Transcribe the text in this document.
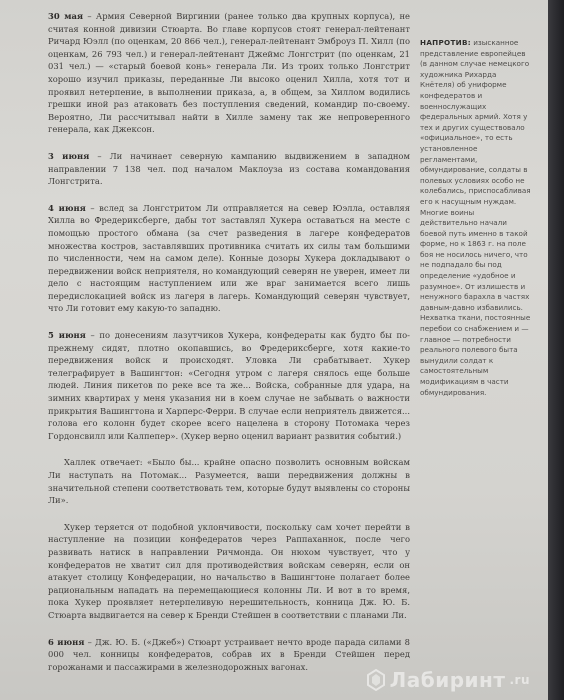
30 мая – Армия Северной Виргинии (ранее только два крупных корпуса), не считая конной дивизии Стюарта. Во главе корпусов стоят генерал-лейтенант Ричард Юэлл (по оценкам, 20 866 чел.), генерал-лейтенант Эмброуз П. Хилл (по оценкам, 26 793 чел.) и генерал-лейтенант Джеймс Лонгстрит (по оценкам, 21 031 чел.) — «старый боевой конь» генерала Ли. Из троих только Лонгстрит хорошо изучил приказы, переданные Ли высоко оценил Хилла, хотя тот и проявил нетерпение, в выполнении приказа, а, в общем, за Хиллом водились грешки иной раз атаковать без поступления сведений, командир по-своему. Вероятно, Ли рассчитывал найти в Хилле замену так же непроверенного генерала, как Джексон.

3 июня – Ли начинает северную кампанию выдвижением в западном направлении 7 138 чел. под началом Маклоуза из состава командования Лонгстрита.

4 июня – вслед за Лонгстритом Ли отправляется на север Юэлла, оставляя Хилла во Фредериксберге, дабы тот заставлял Хукера оставаться на месте с помощью простого обмана (за счет разведения в лагере конфедератов множества костров, заставлявших противника считать их силы там большими по численности, чем на самом деле). Конные дозоры Хукера докладывают о передвижении войск неприятеля, но командующий северян не уверен, имеет ли дело с настоящим наступлением или же враг занимается всего лишь передислокацией войск из лагеря в лагерь. Командующий северян чувствует, что Ли готовит ему какую-то западню.

5 июня – по донесениям лазутчиков Хукера, конфедераты как будто бы по-прежнему сидят, плотно окопавшись, во Фредериксберге, хотя какие-то передвижения войск и происходят. Уловка Ли срабатывает. Хукер телеграфирует в Вашингтон: «Сегодня утром с лагеря снялось еще больше людей. Линия пикетов по реке все та же... Войска, собранные для удара, на зимних квартирах у меня указания ни в коем случае не забывать о важности прикрытия Вашингтона и Харперс-Ферри. В случае если неприятель движется... голова его колонн будет скорее всего нацелена в сторону Потомака через Гордонсвилл или Калпепер». (Хукер верно оценил вариант развития событий.)

Халлек отвечает: «Было бы... крайне опасно позволить основным войскам Ли наступать на Потомак... Разумеется, ваши передвижения должны в значительной степени соответствовать тем, которые будут выявлены со стороны Ли».

Хукер теряется от подобной уклончивости, поскольку сам хочет перейти в наступление на позиции конфедератов через Раппаханнок, после чего развивать натиск в направлении Ричмонда. Он нюхом чувствует, что у конфедератов не хватит сил для противодействия войскам северян, если он атакует столицу Конфедерации, но начальство в Вашингтоне полагает более рациональным нападать на перемещающиеся колонны Ли. И вот в то время, пока Хукер проявляет нетерпеливую нерешительность, конница Дж. Ю. Б. Стюарта выдвигается на север к Бренди Стейшен в соответствии с планами Ли.

6 июня – Дж. Ю. Б. («Джеб») Стюарт устраивает нечто вроде парада силами 8 000 чел. конницы конфедератов, собрав их в Бренди Стейшен перед горожанами и пассажирами в железнодорожных вагонах.

НАПРОТИВ: изысканное представление европейцев (в данном случае немецкого художника Рихарда Кнётеля) об униформе конфедератов и военнослужащих федеральных армий. Хотя у тех и других существовало «официальное», то есть установленное регламентами, обмундирование, солдаты в полевых условиях особо не колебались, приспосабливая его к насущным нуждам. Многие воины действительно начали боевой путь именно в такой форме, но к 1863 г. на поле боя не носилось ничего, что не подпадало бы под определение «удобное и разумное». От излишеств и ненужного барахла в частях давным-давно избавились. Нехватка ткани, постоянные перебои со снабжением и — главное — потребности реального полевого быта вынудили солдат к самостоятельным модификациям в части обмундирования.

Лабиринт .ru
